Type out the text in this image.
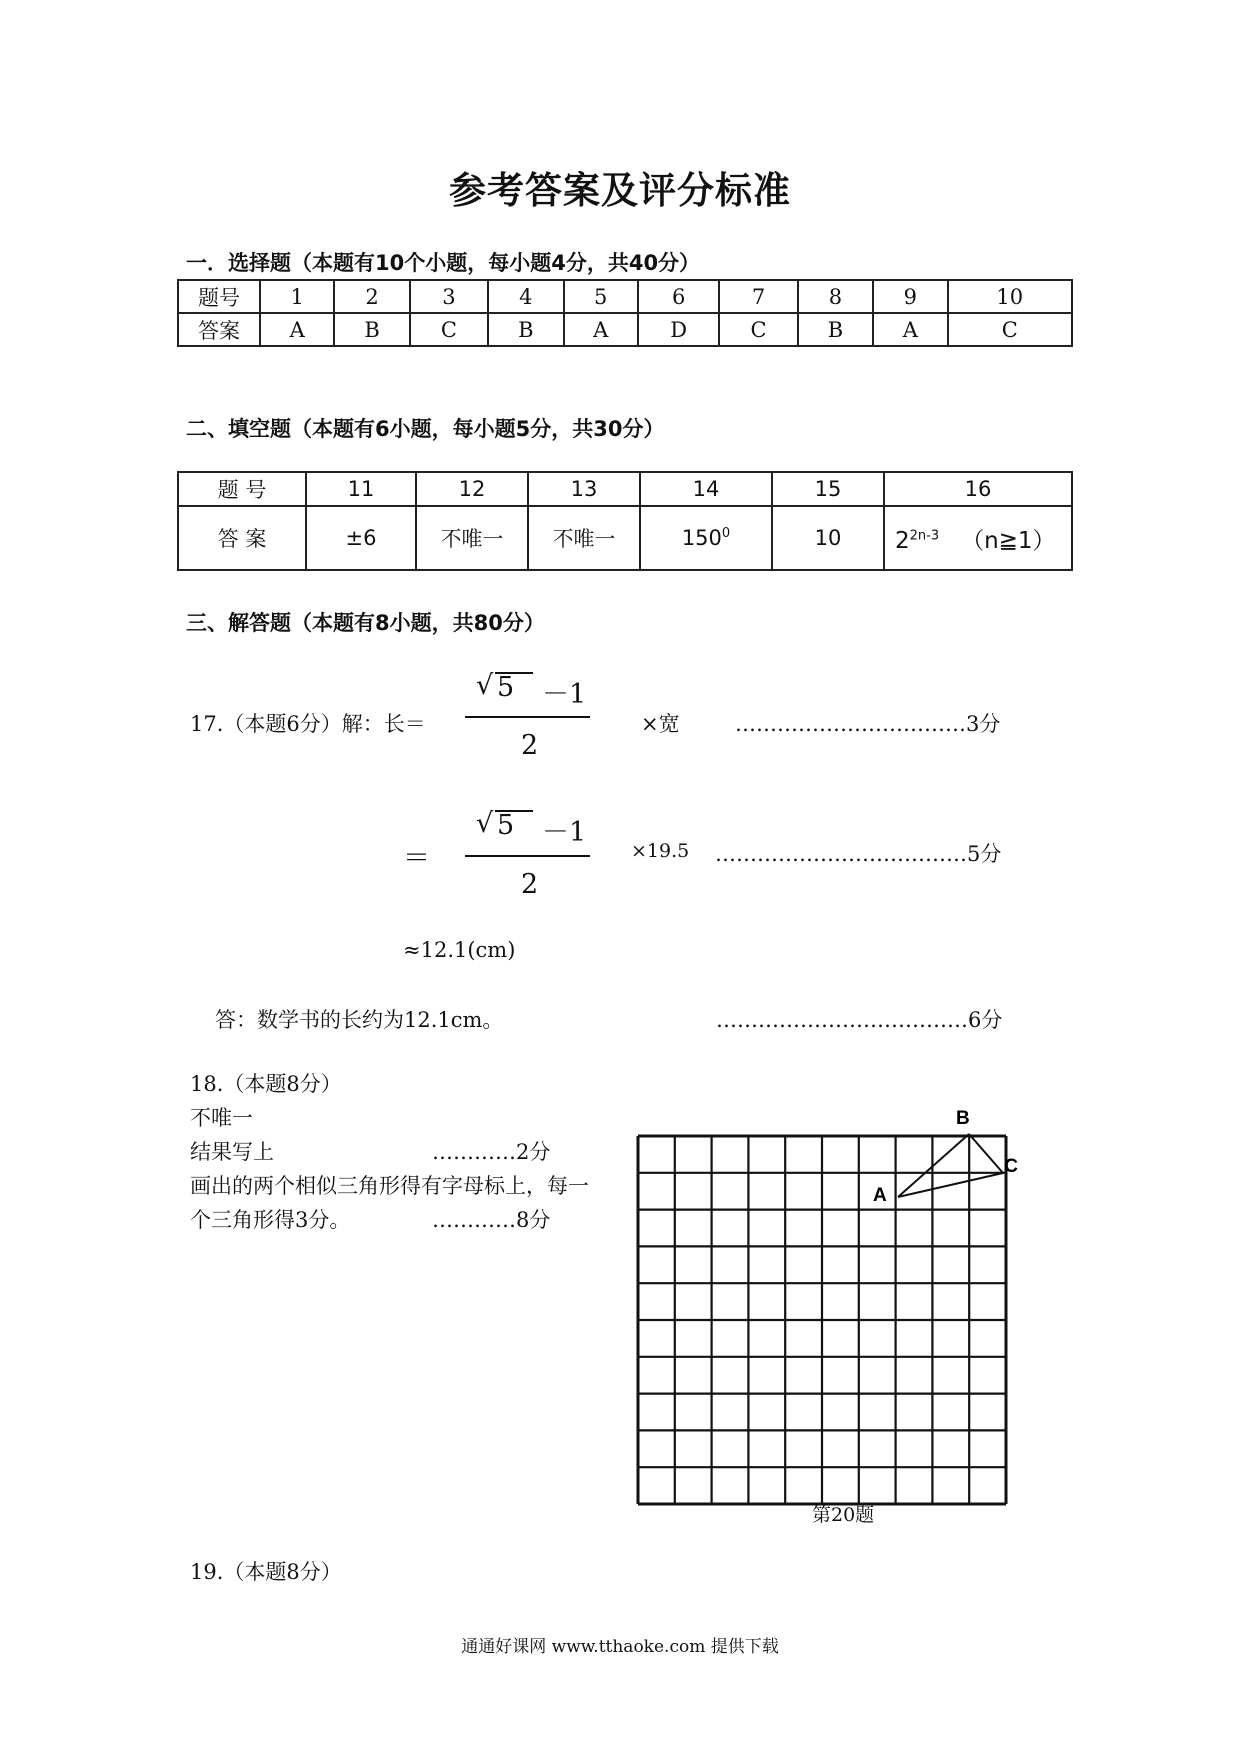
参考答案及评分标准
一．选择题（本题有10个小题，每小题4分，共40分）
题号	1	2	3	4	5	6	7	8	9	10
答案	A	B	C	B	A	D	C	B	A	C
二、填空题（本题有6小题，每小题5分，共30分）
题 号	11	12	13	14	15	16
答 案	±6	不唯一	不唯一	$150^0$	10	$2^{2n-3}$ （n≧1）
三、解答题（本题有8小题，共80分）
17.（本题6分）解：长＝
√ 5 －1
2
×宽	……………………………3分
＝
√ 5 －1
2
×19.5 ………………………………5分
≈12.1(cm)
答：数学书的长约为12.1cm。	………………………………6分
18.（本题8分）
不唯一
结果写上	…………2分
画出的两个相似三角形得有字母标上，每一
个三角形得3分。	…………8分
A
B
C
第20题
19.（本题8分）
通通好课网 www.tthaoke.com 提供下载
